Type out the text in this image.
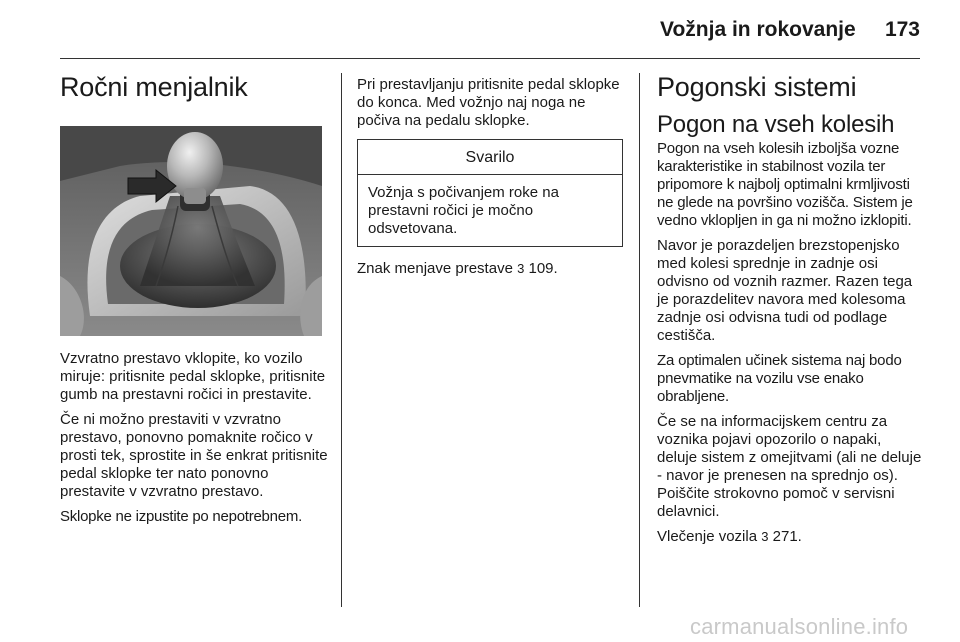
Vožnja in rokovanje 173
Ročni menjalnik

Vzvratno prestavo vklopite, ko vozilo miruje: pritisnite pedal sklopke, pritisnite gumb na prestavni ročici in prestavite.

Če ni možno prestaviti v vzvratno prestavo, ponovno pomaknite ročico v prosti tek, sprostite in še enkrat pritisnite pedal sklopke ter nato ponovno prestavite v vzvratno prestavo.

Sklopke ne izpustite po nepotrebnem.

Pri prestavljanju pritisnite pedal sklopke do konca. Med vožnjo naj noga ne počiva na pedalu sklopke.

Svarilo
Vožnja s počivanjem roke na prestavni ročici je močno odsvetovana.

Znak menjave prestave 3 109.

Pogonski sistemi
Pogon na vseh kolesih

Pogon na vseh kolesih izboljša vozne karakteristike in stabilnost vozila ter pripomore k najbolj optimalni krmljivosti ne glede na površino vozišča. Sistem je vedno vklopljen in ga ni možno izklopiti.

Navor je porazdeljen brezstopenjsko med kolesi sprednje in zadnje osi odvisno od voznih razmer. Razen tega je porazdelitev navora med kolesoma zadnje osi odvisna tudi od podlage cestišča.

Za optimalen učinek sistema naj bodo pnevmatike na vozilu vse enako obrabljene.

Če se na informacijskem centru za voznika pojavi opozorilo o napaki, deluje sistem z omejitvami (ali ne deluje - navor je prenesen na sprednjo os). Poiščite strokovno pomoč v servisni delavnici.

Vlečenje vozila 3 271.

carmanualsonline.info
